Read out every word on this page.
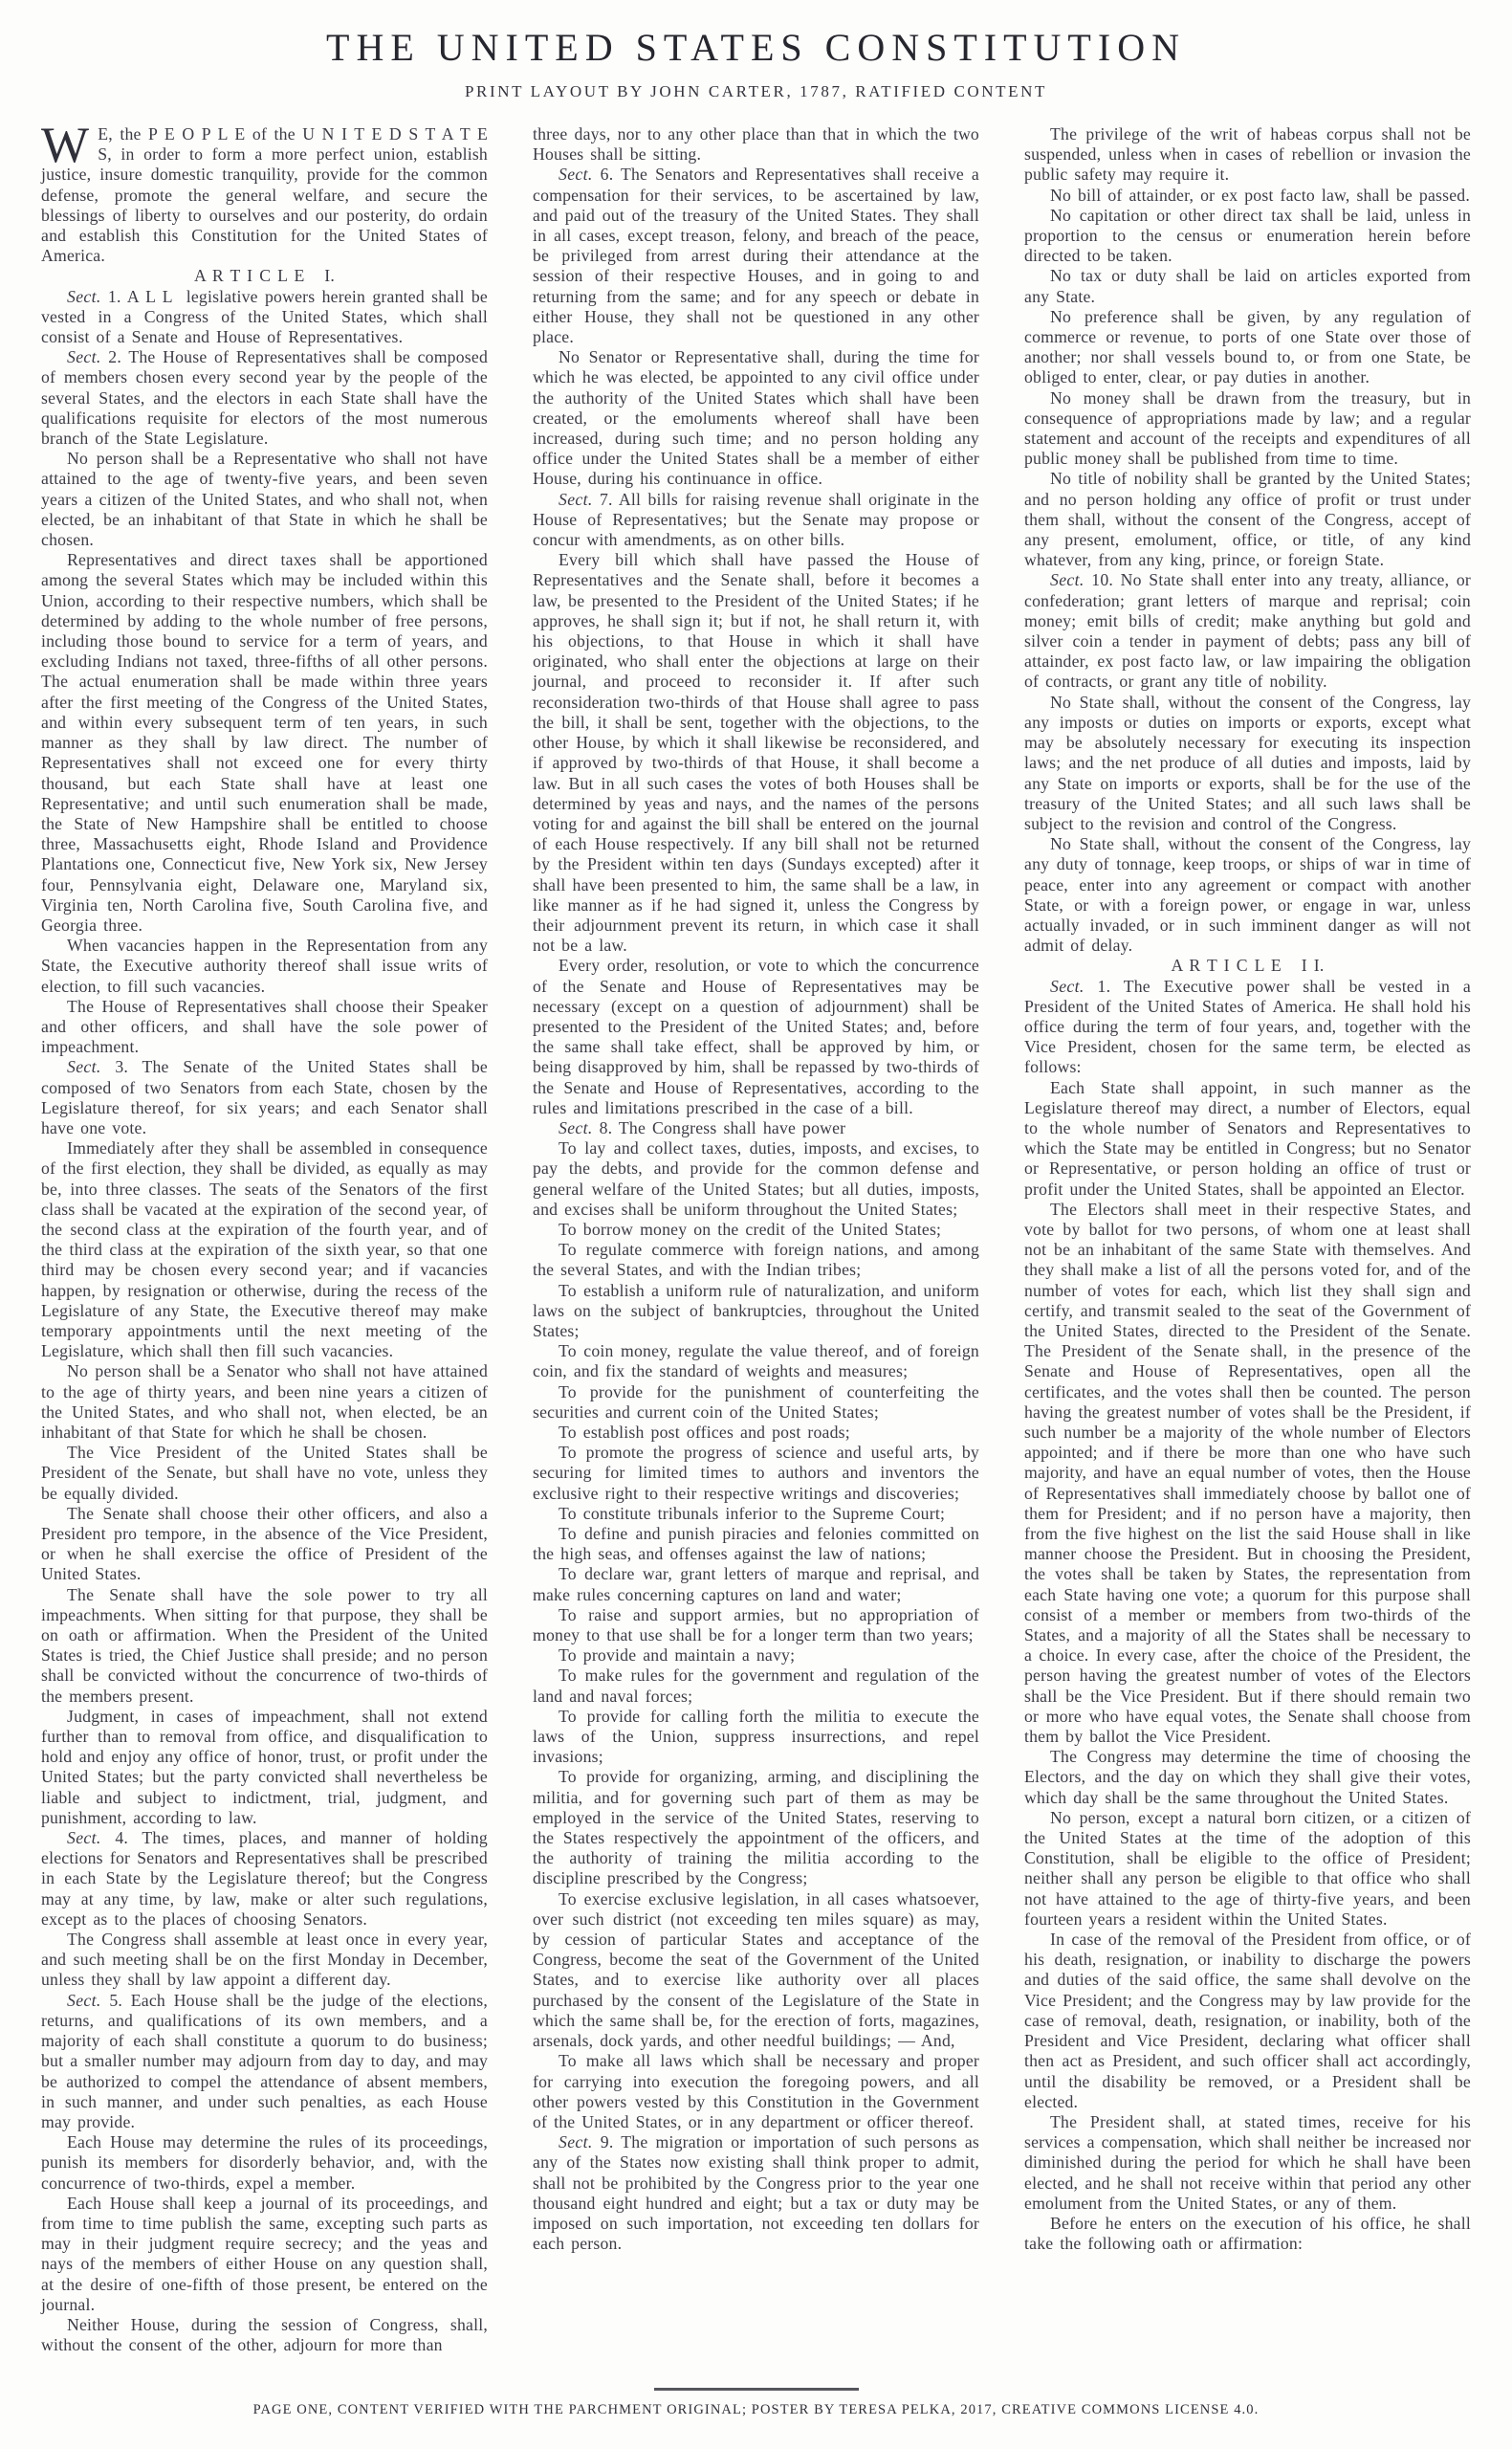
THE UNITED STATES CONSTITUTION
PRINT LAYOUT BY JOHN CARTER, 1787, RATIFIED CONTENT

W E, the P E O P L E of the U N I T E D S T A T E S, in order to form a more perfect union, establish justice, insure domestic tranquility, provide for the common defense, promote the general welfare, and secure the blessings of liberty to ourselves and our posterity, do ordain and establish this Constitution for the United States of America.

A R T I C L E   I.

Sect. 1. A L L  legislative powers herein granted shall be vested in a Congress of the United States, which shall consist of a Senate and House of Representatives.

Sect. 2. The House of Representatives shall be composed of members chosen every second year by the people of the several States, and the electors in each State shall have the qualifications requisite for electors of the most numerous branch of the State Legislature.

No person shall be a Representative who shall not have attained to the age of twenty-five years, and been seven years a citizen of the United States, and who shall not, when elected, be an inhabitant of that State in which he shall be chosen.

Representatives and direct taxes shall be apportioned among the several States which may be included within this Union, according to their respective numbers, which shall be determined by adding to the whole number of free persons, including those bound to service for a term of years, and excluding Indians not taxed, three-fifths of all other persons. The actual enumeration shall be made within three years after the first meeting of the Congress of the United States, and within every subsequent term of ten years, in such manner as they shall by law direct. The number of Representatives shall not exceed one for every thirty thousand, but each State shall have at least one Representative; and until such enumeration shall be made, the State of New Hampshire shall be entitled to choose three, Massachusetts eight, Rhode Island and Providence Plantations one, Connecticut five, New York six, New Jersey four, Pennsylvania eight, Delaware one, Maryland six, Virginia ten, North Carolina five, South Carolina five, and Georgia three.

When vacancies happen in the Representation from any State, the Executive authority thereof shall issue writs of election, to fill such vacancies.

The House of Representatives shall choose their Speaker and other officers, and shall have the sole power of impeachment.

Sect. 3. The Senate of the United States shall be composed of two Senators from each State, chosen by the Legislature thereof, for six years; and each Senator shall have one vote.

Immediately after they shall be assembled in consequence of the first election, they shall be divided, as equally as may be, into three classes. The seats of the Senators of the first class shall be vacated at the expiration of the second year, of the second class at the expiration of the fourth year, and of the third class at the expiration of the sixth year, so that one third may be chosen every second year; and if vacancies happen, by resignation or otherwise, during the recess of the Legislature of any State, the Executive thereof may make temporary appointments until the next meeting of the Legislature, which shall then fill such vacancies.

No person shall be a Senator who shall not have attained to the age of thirty years, and been nine years a citizen of the United States, and who shall not, when elected, be an inhabitant of that State for which he shall be chosen.

The Vice President of the United States shall be President of the Senate, but shall have no vote, unless they be equally divided.

The Senate shall choose their other officers, and also a President pro tempore, in the absence of the Vice President, or when he shall exercise the office of President of the United States.

The Senate shall have the sole power to try all impeachments. When sitting for that purpose, they shall be on oath or affirmation. When the President of the United States is tried, the Chief Justice shall preside; and no person shall be convicted without the concurrence of two-thirds of the members present.

Judgment, in cases of impeachment, shall not extend further than to removal from office, and disqualification to hold and enjoy any office of honor, trust, or profit under the United States; but the party convicted shall nevertheless be liable and subject to indictment, trial, judgment, and punishment, according to law.

Sect. 4. The times, places, and manner of holding elections for Senators and Representatives shall be prescribed in each State by the Legislature thereof; but the Congress may at any time, by law, make or alter such regulations, except as to the places of choosing Senators.

The Congress shall assemble at least once in every year, and such meeting shall be on the first Monday in December, unless they shall by law appoint a different day.

Sect. 5. Each House shall be the judge of the elections, returns, and qualifications of its own members, and a majority of each shall constitute a quorum to do business; but a smaller number may adjourn from day to day, and may be authorized to compel the attendance of absent members, in such manner, and under such penalties, as each House may provide.

Each House may determine the rules of its proceedings, punish its members for disorderly behavior, and, with the concurrence of two-thirds, expel a member.

Each House shall keep a journal of its proceedings, and from time to time publish the same, excepting such parts as may in their judgment require secrecy; and the yeas and nays of the members of either House on any question shall, at the desire of one-fifth of those present, be entered on the journal.

Neither House, during the session of Congress, shall, without the consent of the other, adjourn for more than

three days, nor to any other place than that in which the two Houses shall be sitting.

Sect. 6. The Senators and Representatives shall receive a compensation for their services, to be ascertained by law, and paid out of the treasury of the United States. They shall in all cases, except treason, felony, and breach of the peace, be privileged from arrest during their attendance at the session of their respective Houses, and in going to and returning from the same; and for any speech or debate in either House, they shall not be questioned in any other place.

No Senator or Representative shall, during the time for which he was elected, be appointed to any civil office under the authority of the United States which shall have been created, or the emoluments whereof shall have been increased, during such time; and no person holding any office under the United States shall be a member of either House, during his continuance in office.

Sect. 7. All bills for raising revenue shall originate in the House of Representatives; but the Senate may propose or concur with amendments, as on other bills.

Every bill which shall have passed the House of Representatives and the Senate shall, before it becomes a law, be presented to the President of the United States; if he approves, he shall sign it; but if not, he shall return it, with his objections, to that House in which it shall have originated, who shall enter the objections at large on their journal, and proceed to reconsider it. If after such reconsideration two-thirds of that House shall agree to pass the bill, it shall be sent, together with the objections, to the other House, by which it shall likewise be reconsidered, and if approved by two-thirds of that House, it shall become a law. But in all such cases the votes of both Houses shall be determined by yeas and nays, and the names of the persons voting for and against the bill shall be entered on the journal of each House respectively. If any bill shall not be returned by the President within ten days (Sundays excepted) after it shall have been presented to him, the same shall be a law, in like manner as if he had signed it, unless the Congress by their adjournment prevent its return, in which case it shall not be a law.

Every order, resolution, or vote to which the concurrence of the Senate and House of Representatives may be necessary (except on a question of adjournment) shall be presented to the President of the United States; and, before the same shall take effect, shall be approved by him, or being disapproved by him, shall be repassed by two-thirds of the Senate and House of Representatives, according to the rules and limitations prescribed in the case of a bill.

Sect. 8. The Congress shall have power

To lay and collect taxes, duties, imposts, and excises, to pay the debts, and provide for the common defense and general welfare of the United States; but all duties, imposts, and excises shall be uniform throughout the United States;

To borrow money on the credit of the United States;

To regulate commerce with foreign nations, and among the several States, and with the Indian tribes;

To establish a uniform rule of naturalization, and uniform laws on the subject of bankruptcies, throughout the United States;

To coin money, regulate the value thereof, and of foreign coin, and fix the standard of weights and measures;

To provide for the punishment of counterfeiting the securities and current coin of the United States;

To establish post offices and post roads;

To promote the progress of science and useful arts, by securing for limited times to authors and inventors the exclusive right to their respective writings and discoveries;

To constitute tribunals inferior to the Supreme Court;

To define and punish piracies and felonies committed on the high seas, and offenses against the law of nations;

To declare war, grant letters of marque and reprisal, and make rules concerning captures on land and water;

To raise and support armies, but no appropriation of money to that use shall be for a longer term than two years;

To provide and maintain a navy;

To make rules for the government and regulation of the land and naval forces;

To provide for calling forth the militia to execute the laws of the Union, suppress insurrections, and repel invasions;

To provide for organizing, arming, and disciplining the militia, and for governing such part of them as may be employed in the service of the United States, reserving to the States respectively the appointment of the officers, and the authority of training the militia according to the discipline prescribed by the Congress;

To exercise exclusive legislation, in all cases whatsoever, over such district (not exceeding ten miles square) as may, by cession of particular States and acceptance of the Congress, become the seat of the Government of the United States, and to exercise like authority over all places purchased by the consent of the Legislature of the State in which the same shall be, for the erection of forts, magazines, arsenals, dock yards, and other needful buildings; — And,

To make all laws which shall be necessary and proper for carrying into execution the foregoing powers, and all other powers vested by this Constitution in the Government of the United States, or in any department or officer thereof.

Sect. 9. The migration or importation of such persons as any of the States now existing shall think proper to admit, shall not be prohibited by the Congress prior to the year one thousand eight hundred and eight; but a tax or duty may be imposed on such importation, not exceeding ten dollars for each person.

The privilege of the writ of habeas corpus shall not be suspended, unless when in cases of rebellion or invasion the public safety may require it.

No bill of attainder, or ex post facto law, shall be passed.

No capitation or other direct tax shall be laid, unless in proportion to the census or enumeration herein before directed to be taken.

No tax or duty shall be laid on articles exported from any State.

No preference shall be given, by any regulation of commerce or revenue, to ports of one State over those of another; nor shall vessels bound to, or from one State, be obliged to enter, clear, or pay duties in another.

No money shall be drawn from the treasury, but in consequence of appropriations made by law; and a regular statement and account of the receipts and expenditures of all public money shall be published from time to time.

No title of nobility shall be granted by the United States; and no person holding any office of profit or trust under them shall, without the consent of the Congress, accept of any present, emolument, office, or title, of any kind whatever, from any king, prince, or foreign State.

Sect. 10. No State shall enter into any treaty, alliance, or confederation; grant letters of marque and reprisal; coin money; emit bills of credit; make anything but gold and silver coin a tender in payment of debts; pass any bill of attainder, ex post facto law, or law impairing the obligation of contracts, or grant any title of nobility.

No State shall, without the consent of the Congress, lay any imposts or duties on imports or exports, except what may be absolutely necessary for executing its inspection laws; and the net produce of all duties and imposts, laid by any State on imports or exports, shall be for the use of the treasury of the United States; and all such laws shall be subject to the revision and control of the Congress.

No State shall, without the consent of the Congress, lay any duty of tonnage, keep troops, or ships of war in time of peace, enter into any agreement or compact with another State, or with a foreign power, or engage in war, unless actually invaded, or in such imminent danger as will not admit of delay.

A R T I C L E   I I.

Sect. 1. The Executive power shall be vested in a President of the United States of America. He shall hold his office during the term of four years, and, together with the Vice President, chosen for the same term, be elected as follows:

Each State shall appoint, in such manner as the Legislature thereof may direct, a number of Electors, equal to the whole number of Senators and Representatives to which the State may be entitled in Congress; but no Senator or Representative, or person holding an office of trust or profit under the United States, shall be appointed an Elector.

The Electors shall meet in their respective States, and vote by ballot for two persons, of whom one at least shall not be an inhabitant of the same State with themselves. And they shall make a list of all the persons voted for, and of the number of votes for each, which list they shall sign and certify, and transmit sealed to the seat of the Government of the United States, directed to the President of the Senate. The President of the Senate shall, in the presence of the Senate and House of Representatives, open all the certificates, and the votes shall then be counted. The person having the greatest number of votes shall be the President, if such number be a majority of the whole number of Electors appointed; and if there be more than one who have such majority, and have an equal number of votes, then the House of Representatives shall immediately choose by ballot one of them for President; and if no person have a majority, then from the five highest on the list the said House shall in like manner choose the President. But in choosing the President, the votes shall be taken by States, the representation from each State having one vote; a quorum for this purpose shall consist of a member or members from two-thirds of the States, and a majority of all the States shall be necessary to a choice. In every case, after the choice of the President, the person having the greatest number of votes of the Electors shall be the Vice President. But if there should remain two or more who have equal votes, the Senate shall choose from them by ballot the Vice President.

The Congress may determine the time of choosing the Electors, and the day on which they shall give their votes, which day shall be the same throughout the United States.

No person, except a natural born citizen, or a citizen of the United States at the time of the adoption of this Constitution, shall be eligible to the office of President; neither shall any person be eligible to that office who shall not have attained to the age of thirty-five years, and been fourteen years a resident within the United States.

In case of the removal of the President from office, or of his death, resignation, or inability to discharge the powers and duties of the said office, the same shall devolve on the Vice President; and the Congress may by law provide for the case of removal, death, resignation, or inability, both of the President and Vice President, declaring what officer shall then act as President, and such officer shall act accordingly, until the disability be removed, or a President shall be elected.

The President shall, at stated times, receive for his services a compensation, which shall neither be increased nor diminished during the period for which he shall have been elected, and he shall not receive within that period any other emolument from the United States, or any of them.

Before he enters on the execution of his office, he shall take the following oath or affirmation:

PAGE ONE, CONTENT VERIFIED WITH THE PARCHMENT ORIGINAL; POSTER BY TERESA PELKA, 2017, CREATIVE COMMONS LICENSE 4.0.
